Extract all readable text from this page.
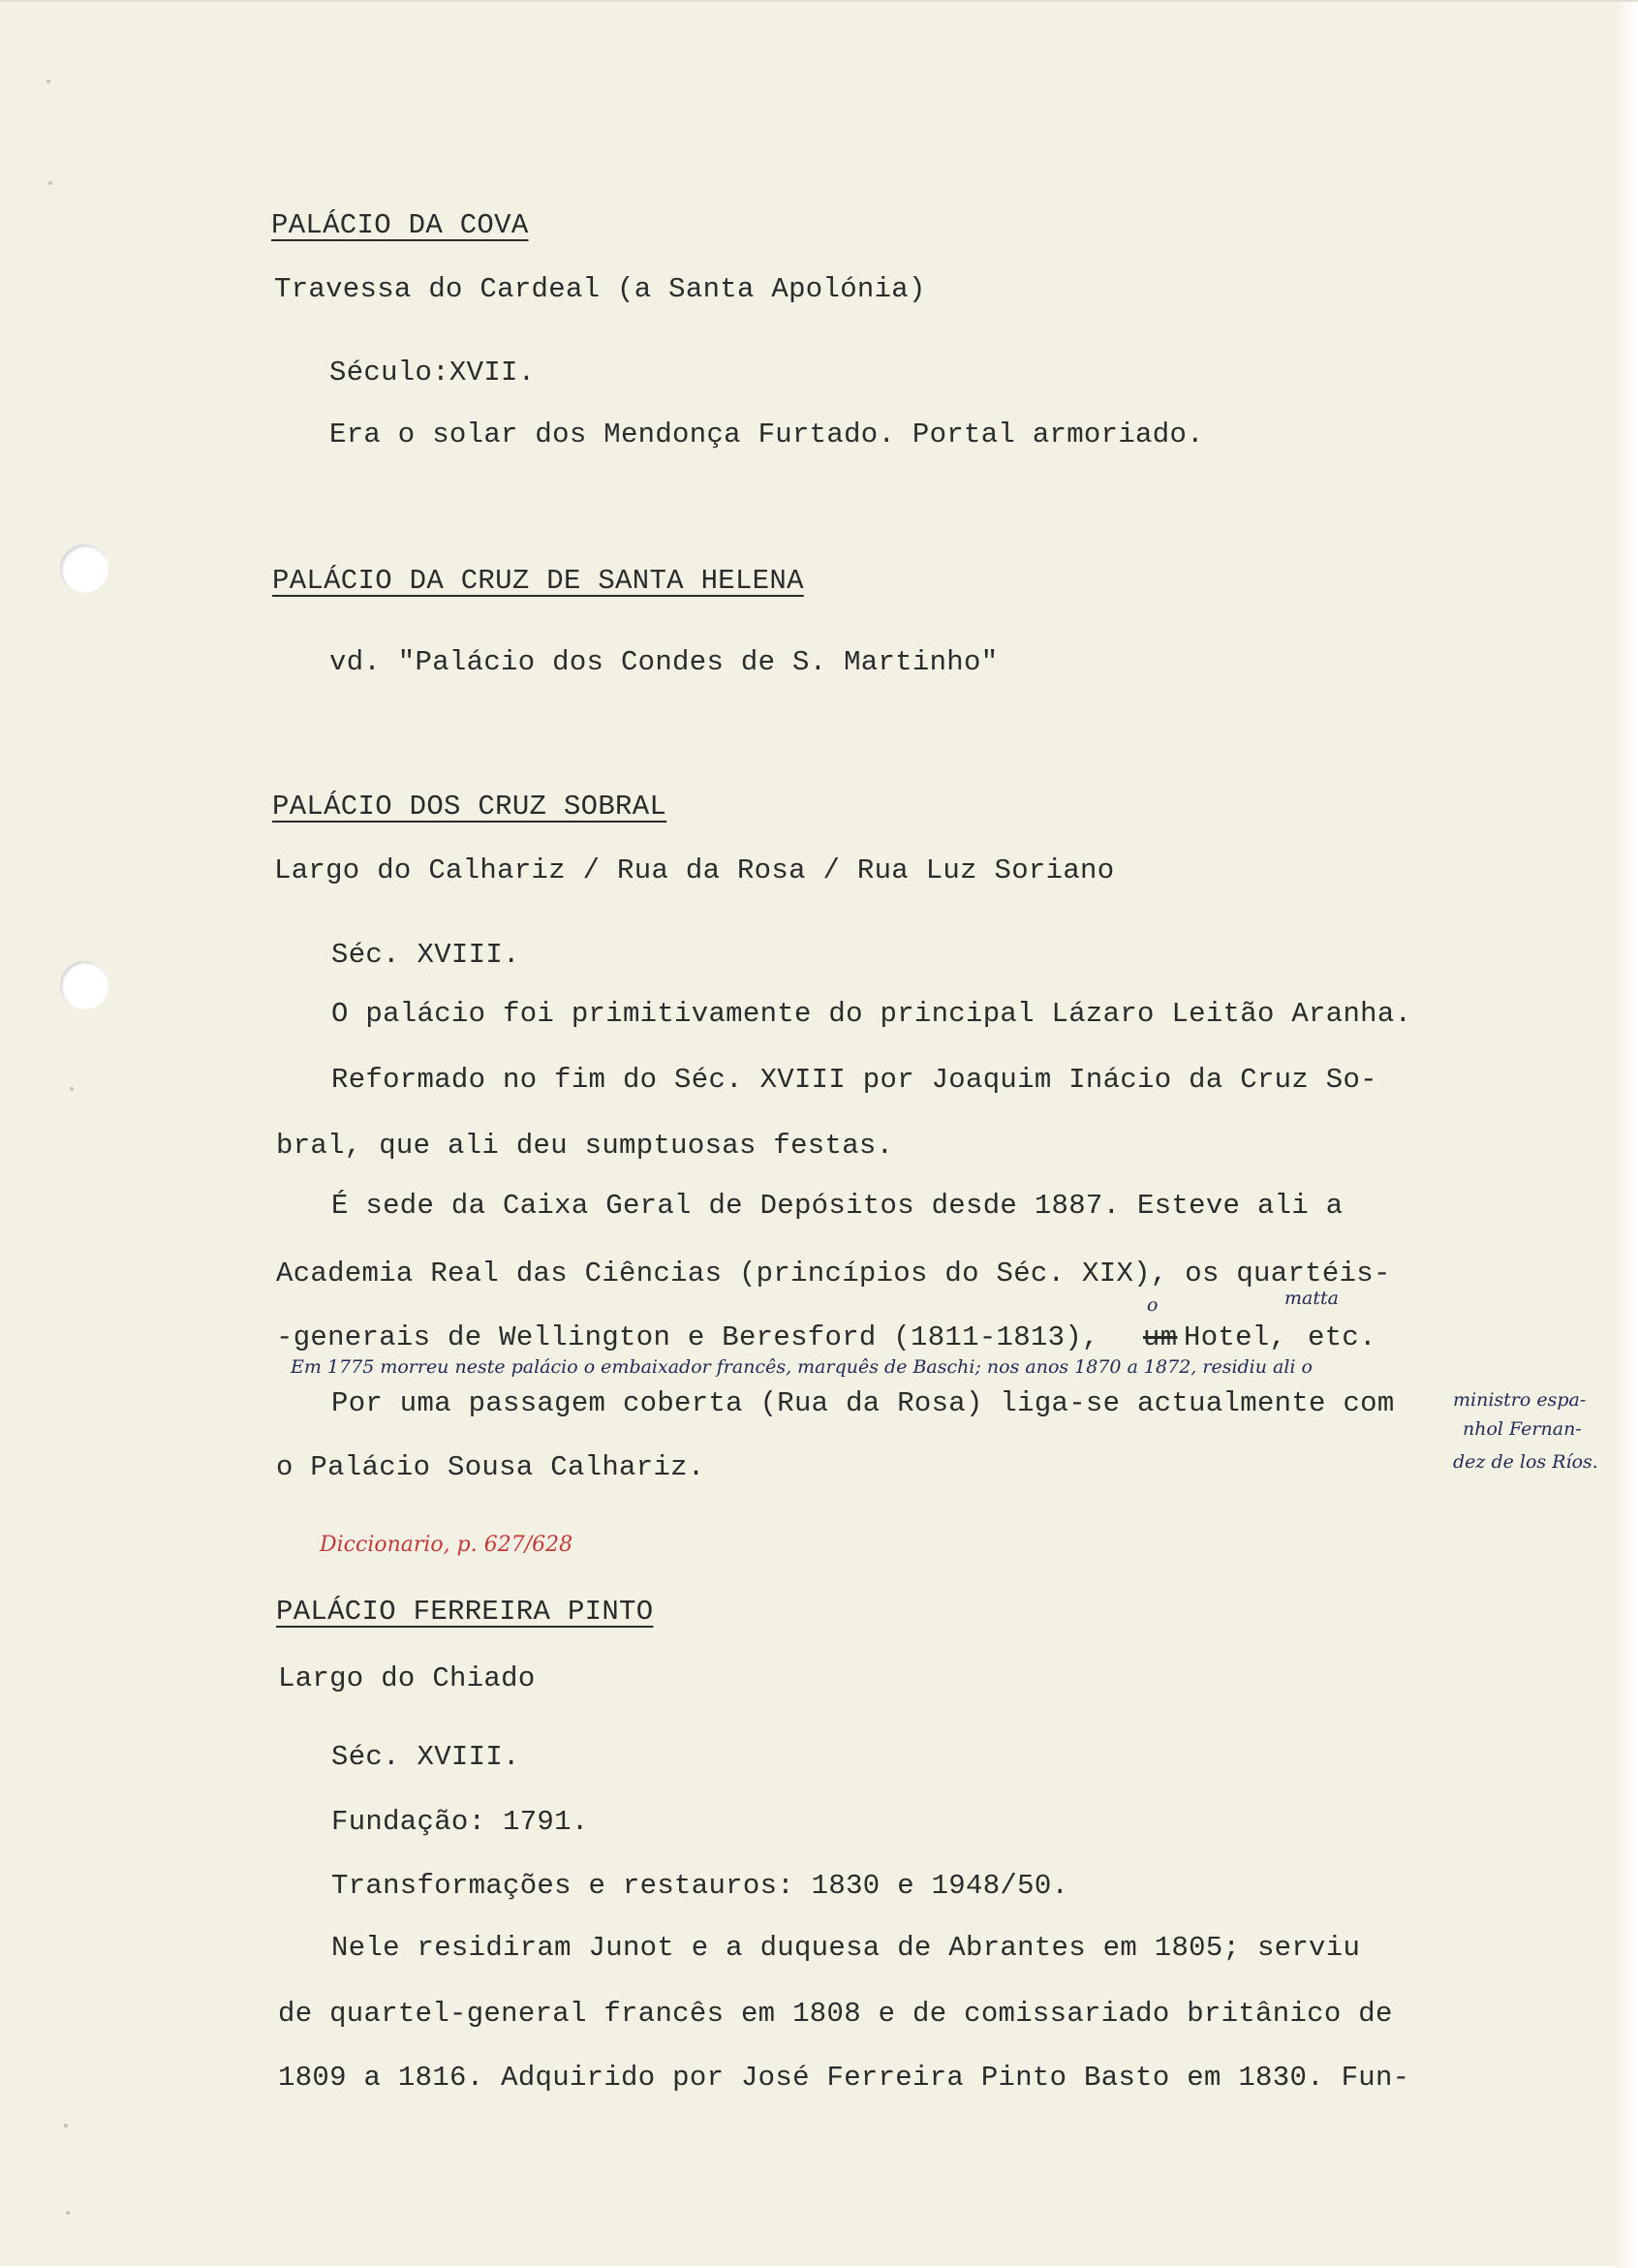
PALÁCIO DA COVA
Travessa do Cardeal (a Santa Apolónia)
Século:XVII.
Era o solar dos Mendonça Furtado. Portal armoriado.
PALÁCIO DA CRUZ DE SANTA HELENA
vd. "Palácio dos Condes de S. Martinho"
PALÁCIO DOS CRUZ SOBRAL
Largo do Calhariz / Rua da Rosa / Rua Luz Soriano
Séc. XVIII.
O palácio foi primitivamente do principal Lázaro Leitão Aranha.
Reformado no fim do Séc. XVIII por Joaquim Inácio da Cruz So-
bral, que ali deu sumptuosas festas.
É sede da Caixa Geral de Depósitos desde 1887. Esteve ali a
Academia Real das Ciências (princípios do Séc. XIX), os quartéis-
-generais de Wellington e Beresford (1811-1813), um
o
Hotel, etc.
matta
Em 1775 morreu neste palácio o embaixador francês, marquês de Baschi; nos anos 1870 a 1872, residiu ali o
Por uma passagem coberta (Rua da Rosa) liga-se actualmente com	ministro espa-
nhol Fernan-
o Palácio Sousa Calhariz.	dez de los Ríos.
Diccionario, p. 627/628
PALÁCIO FERREIRA PINTO
Largo do Chiado
Séc. XVIII.
Fundação: 1791.
Transformações e restauros: 1830 e 1948/50.
Nele residiram Junot e a duquesa de Abrantes em 1805; serviu
de quartel-general francês em 1808 e de comissariado britânico de
1809 a 1816. Adquirido por José Ferreira Pinto Basto em 1830. Fun-
